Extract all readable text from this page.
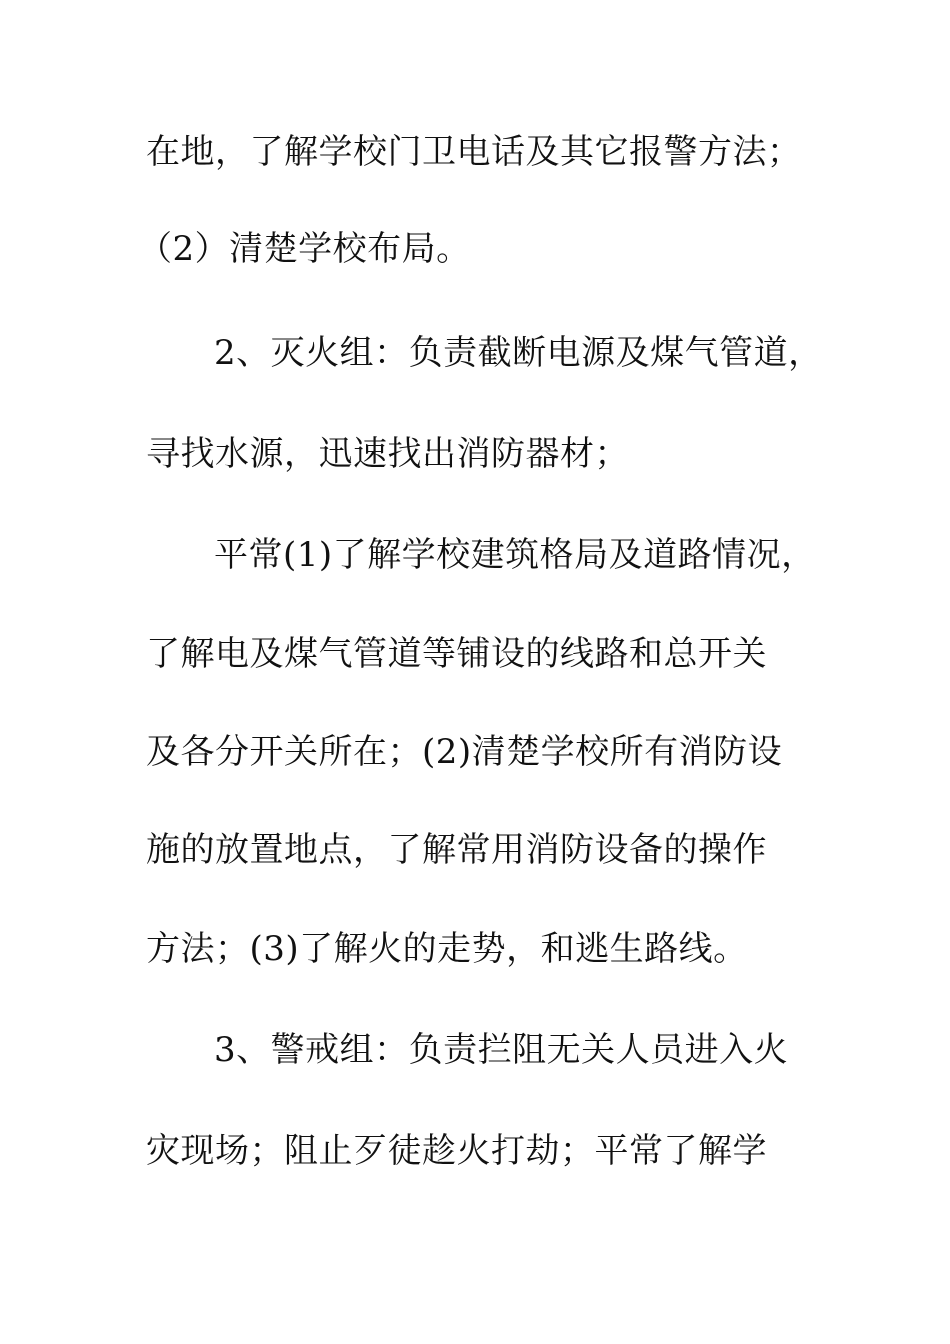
在地，了解学校门卫电话及其它报警方法；
（2）清楚学校布局。
2、灭火组：负责截断电源及煤气管道，
寻找水源，迅速找出消防器材；
平常(1)了解学校建筑格局及道路情况，
了解电及煤气管道等铺设的线路和总开关
及各分开关所在；(2)清楚学校所有消防设
施的放置地点，了解常用消防设备的操作
方法；(3)了解火的走势，和逃生路线。
3、警戒组：负责拦阻无关人员进入火
灾现场；阻止歹徒趁火打劫；平常了解学
